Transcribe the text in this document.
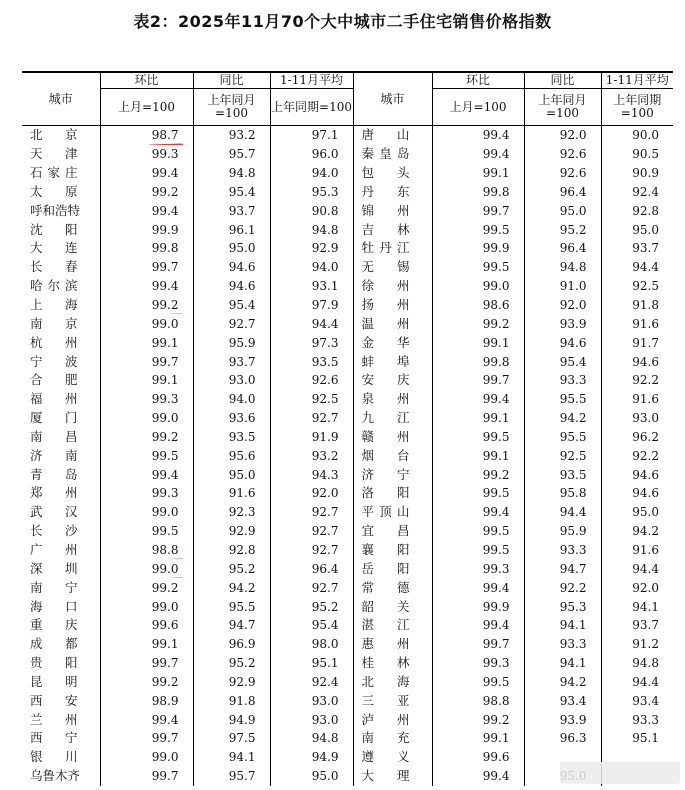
表2：2025年11月70个大中城市二手住宅销售价格指数
城市	环比	同比	1-11月平均	城市	环比	同比	1-11月平均
	上月=100	上年同月=100	上年同期=100		上月=100	上年同月=100	上年同期=100
北 京	98.7	93.2	97.1	唐 山	99.4	92.0	90.0
天 津	99.3	95.7	96.0	秦皇岛	99.4	92.6	90.5
石家庄	99.4	94.8	94.0	包 头	99.1	92.6	90.9
太 原	99.2	95.4	95.3	丹 东	99.8	96.4	92.4
呼和浩特	99.4	93.7	90.8	锦 州	99.7	95.0	92.8
沈 阳	99.9	96.1	94.8	吉 林	99.5	95.2	95.0
大 连	99.8	95.0	92.9	牡丹江	99.9	96.4	93.7
长 春	99.7	94.6	94.0	无 锡	99.5	94.8	94.4
哈尔滨	99.4	94.6	93.1	徐 州	99.0	91.0	92.5
上 海	99.2	95.4	97.9	扬 州	98.6	92.0	91.8
南 京	99.0	92.7	94.4	温 州	99.2	93.9	91.6
杭 州	99.1	95.9	97.3	金 华	99.1	94.6	91.7
宁 波	99.7	93.7	93.5	蚌 埠	99.8	95.4	94.6
合 肥	99.1	93.0	92.6	安 庆	99.7	93.3	92.2
福 州	99.3	94.0	92.5	泉 州	99.4	95.5	91.6
厦 门	99.0	93.6	92.7	九 江	99.1	94.2	93.0
南 昌	99.2	93.5	91.9	赣 州	99.5	95.5	96.2
济 南	99.5	95.6	93.2	烟 台	99.1	92.5	92.2
青 岛	99.4	95.0	94.3	济 宁	99.2	93.5	94.6
郑 州	99.3	91.6	92.0	洛 阳	99.5	95.8	94.6
武 汉	99.0	92.3	92.7	平顶山	99.4	94.4	95.0
长 沙	99.5	92.9	92.7	宜 昌	99.5	95.9	94.2
广 州	98.8	92.8	92.7	襄 阳	99.5	93.3	91.6
深 圳	99.0	95.2	96.4	岳 阳	99.3	94.7	94.4
南 宁	99.2	94.2	92.7	常 德	99.4	92.2	92.0
海 口	99.0	95.5	95.2	韶 关	99.9	95.3	94.1
重 庆	99.6	94.7	95.4	湛 江	99.4	94.1	93.7
成 都	99.1	96.9	98.0	惠 州	99.7	93.3	91.2
贵 阳	99.7	95.2	95.1	桂 林	99.3	94.1	94.8
昆 明	99.2	92.9	92.4	北 海	99.5	94.2	94.4
西 安	98.9	91.8	93.0	三 亚	98.8	93.4	93.4
兰 州	99.4	94.9	93.0	泸 州	99.2	93.9	93.3
西 宁	99.7	97.5	94.8	南 充	99.1	96.3	95.1
银 川	99.0	94.1	94.9	遵 义	99.6		
乌鲁木齐	99.7	95.7	95.0	大 理	99.4		
